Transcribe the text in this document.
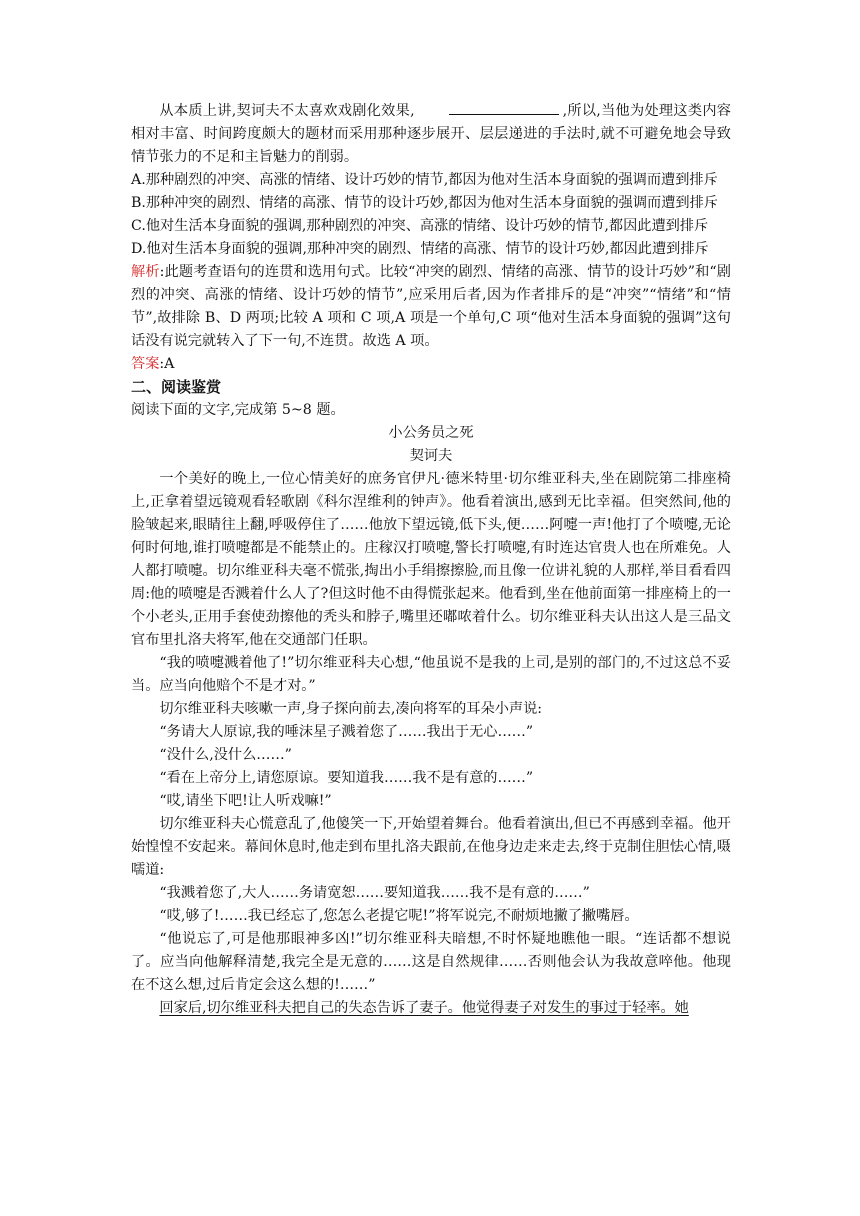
从本质上讲,契诃夫不太喜欢戏剧化效果,	,所以,当他为处理这类内容相对丰富、时间跨度颇大的题材而采用那种逐步展开、层层递进的手法时,就不可避免地会导致情节张力的不足和主旨魅力的削弱。

A.那种剧烈的冲突、高涨的情绪、设计巧妙的情节,都因为他对生活本身面貌的强调而遭到排斥

B.那种冲突的剧烈、情绪的高涨、情节的设计巧妙,都因为他对生活本身面貌的强调而遭到排斥

C.他对生活本身面貌的强调,那种剧烈的冲突、高涨的情绪、设计巧妙的情节,都因此遭到排斥

D.他对生活本身面貌的强调,那种冲突的剧烈、情绪的高涨、情节的设计巧妙,都因此遭到排斥

解析:此题考查语句的连贯和选用句式。比较“冲突的剧烈、情绪的高涨、情节的设计巧妙”和“剧烈的冲突、高涨的情绪、设计巧妙的情节”,应采用后者,因为作者排斥的是“冲突”“情绪”和“情节”,故排除 B、D 两项;比较 A 项和 C 项,A 项是一个单句,C 项“他对生活本身面貌的强调”这句话没有说完就转入了下一句,不连贯。故选 A 项。

答案:A

二、阅读鉴赏

阅读下面的文字,完成第 5~8 题。

小公务员之死

契诃夫

一个美好的晚上,一位心情美好的庶务官伊凡·德米特里·切尔维亚科夫,坐在剧院第二排座椅上,正拿着望远镜观看轻歌剧《科尔涅维利的钟声》。他看着演出,感到无比幸福。但突然间,他的脸皱起来,眼睛往上翻,呼吸停住了……他放下望远镜,低下头,便……阿嚏一声!他打了个喷嚏,无论何时何地,谁打喷嚏都是不能禁止的。庄稼汉打喷嚏,警长打喷嚏,有时连达官贵人也在所难免。人人都打喷嚏。切尔维亚科夫毫不慌张,掏出小手绢擦擦脸,而且像一位讲礼貌的人那样,举目看看四周:他的喷嚏是否溅着什么人了?但这时他不由得慌张起来。他看到,坐在他前面第一排座椅上的一个小老头,正用手套使劲擦他的秃头和脖子,嘴里还嘟哝着什么。切尔维亚科夫认出这人是三品文官布里扎洛夫将军,他在交通部门任职。

“我的喷嚏溅着他了!”切尔维亚科夫心想,“他虽说不是我的上司,是别的部门的,不过这总不妥当。应当向他赔个不是才对。”

切尔维亚科夫咳嗽一声,身子探向前去,凑向将军的耳朵小声说:

“务请大人原谅,我的唾沫星子溅着您了……我出于无心……”

“没什么,没什么……”

“看在上帝分上,请您原谅。要知道我……我不是有意的……”

“哎,请坐下吧!让人听戏嘛!”

切尔维亚科夫心慌意乱了,他傻笑一下,开始望着舞台。他看着演出,但已不再感到幸福。他开始惶惶不安起来。幕间休息时,他走到布里扎洛夫跟前,在他身边走来走去,终于克制住胆怯心情,嗫嚅道:

“我溅着您了,大人……务请宽恕……要知道我……我不是有意的……”

“哎,够了!……我已经忘了,您怎么老提它呢!”将军说完,不耐烦地撇了撇嘴唇。

“他说忘了,可是他那眼神多凶!”切尔维亚科夫暗想,不时怀疑地瞧他一眼。“连话都不想说了。应当向他解释清楚,我完全是无意的……这是自然规律……否则他会认为我故意啐他。他现在不这么想,过后肯定会这么想的!……”

回家后,切尔维亚科夫把自己的失态告诉了妻子。他觉得妻子对发生的事过于轻率。她
